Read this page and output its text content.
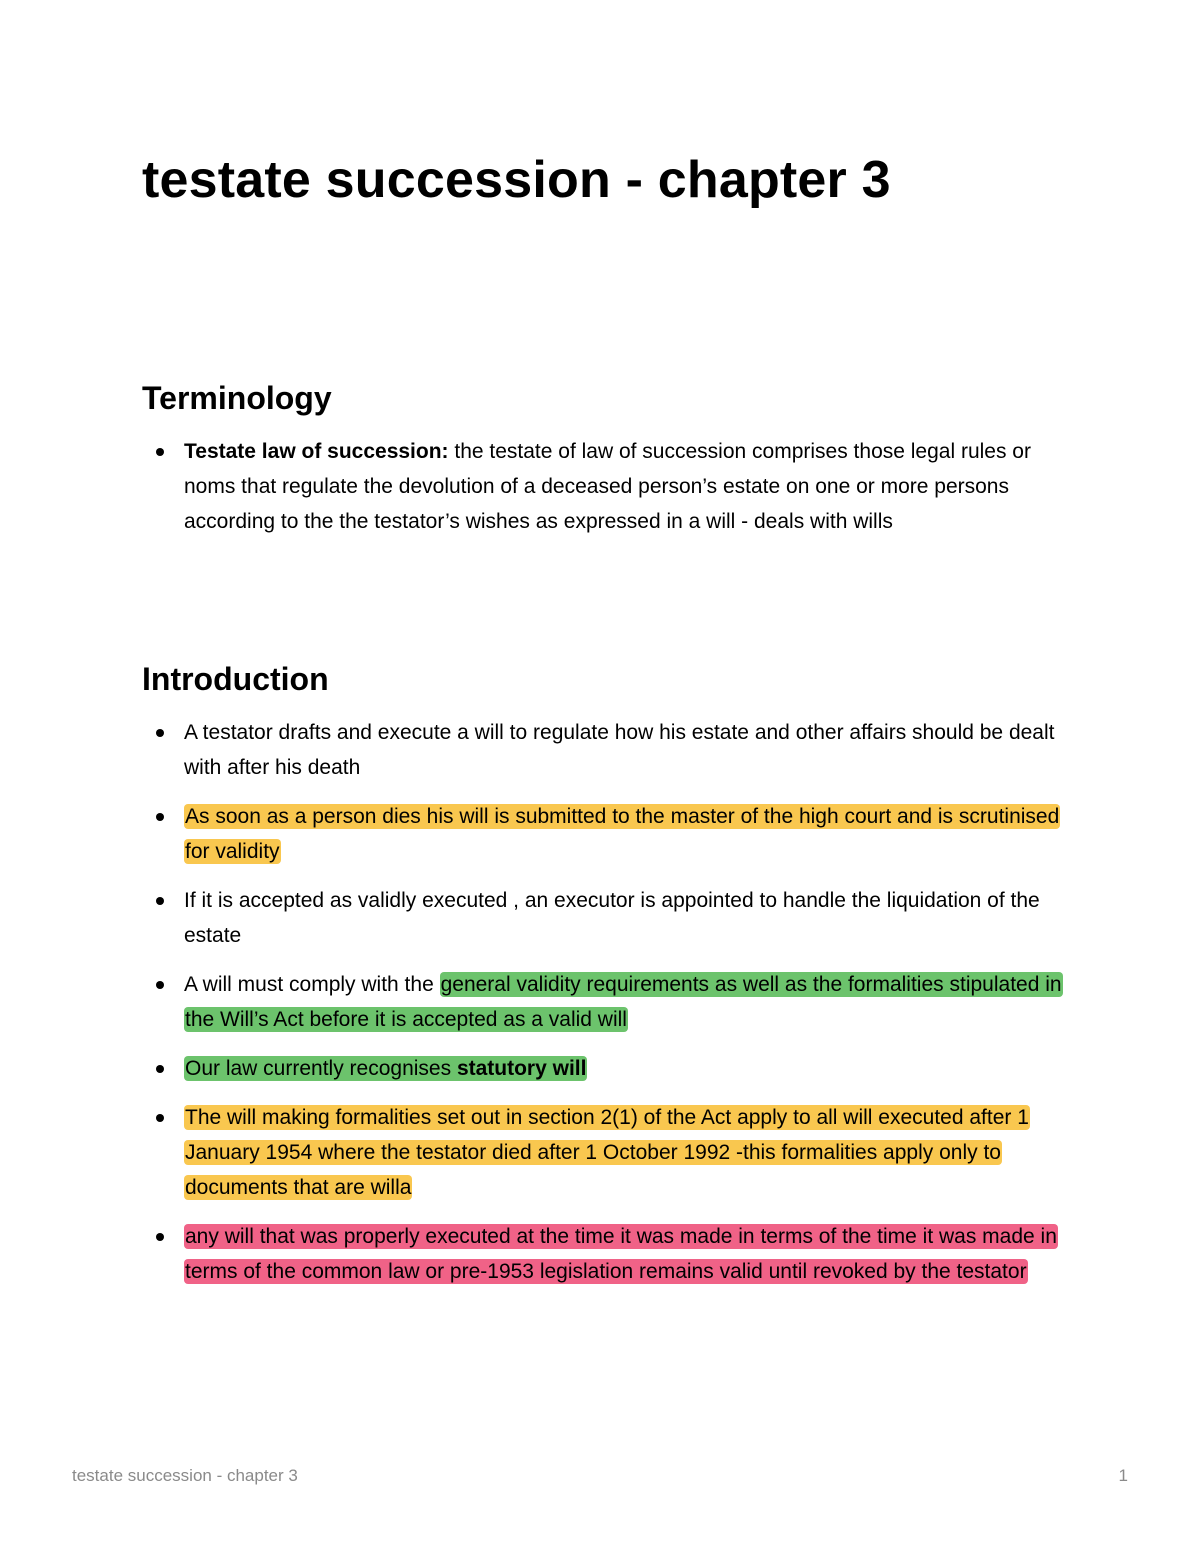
testate succession - chapter 3
Terminology
Testate law of succession: the testate of law of succession comprises those legal rules or noms that regulate the devolution of a deceased person’s estate on one or more persons according to the the testator’s wishes as expressed in a will - deals with wills
Introduction
A testator drafts and execute a will to regulate how his estate and other affairs should be dealt with after his death
As soon as a person dies his will is submitted to the master of the high court and is scrutinised for validity
If it is accepted as validly executed , an executor is appointed to handle the liquidation of the estate
A will must comply with the general validity requirements as well as the formalities stipulated in the Will’s Act before it is accepted as a valid will
Our law currently recognises statutory will
The will making formalities set out in section 2(1) of the Act apply to all will executed after 1 January 1954 where the testator died after 1 October 1992 -this formalities apply only to documents that are willa
any will that was properly executed at the time it was made in terms of the time it was made in terms of the common law or pre-1953 legislation remains valid until revoked by the testator
testate succession - chapter 3	1
